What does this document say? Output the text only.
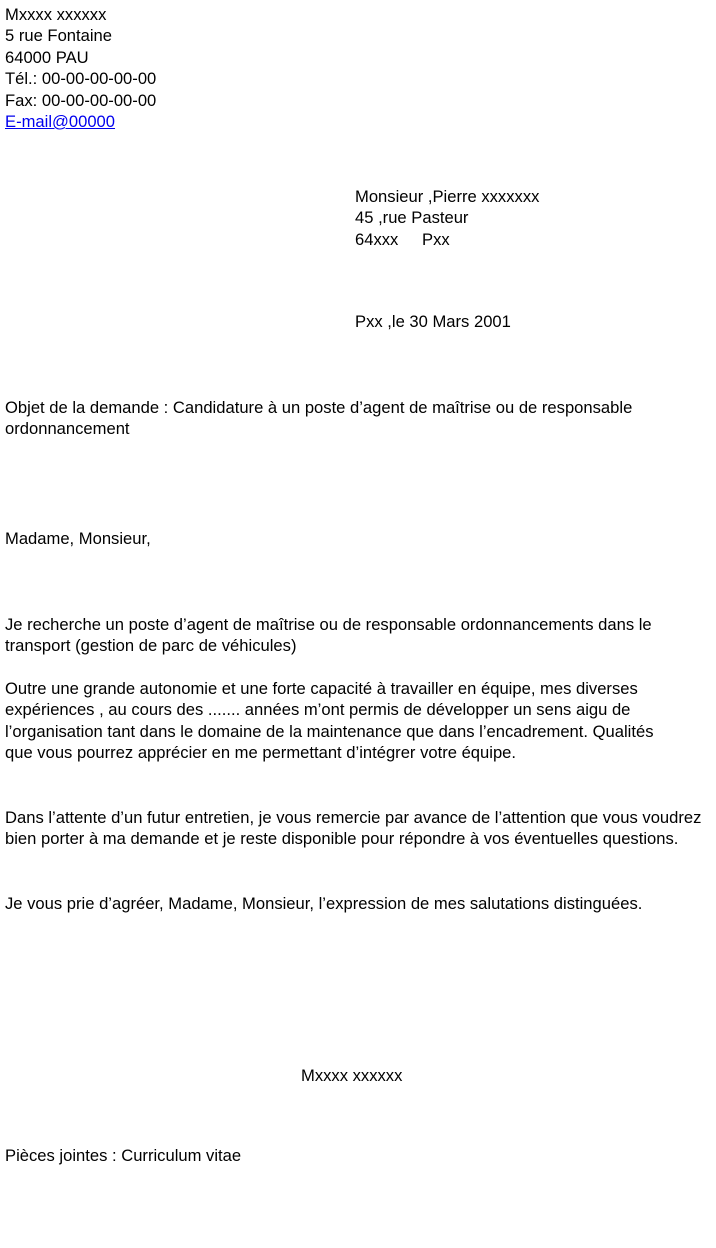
Mxxxx xxxxxx
5 rue Fontaine
64000 PAU
Tél.: 00-00-00-00-00
Fax: 00-00-00-00-00
E-mail@00000
Monsieur ,Pierre xxxxxxx
45 ,rue Pasteur
64xxx Pxx
Pxx ,le 30 Mars 2001
Objet de la demande : Candidature à un poste d’agent de maîtrise ou de responsable ordonnancement
Madame, Monsieur,
Je recherche un poste d’agent de maîtrise ou de responsable ordonnancements dans le transport (gestion de parc de véhicules)
Outre une grande autonomie et une forte capacité à travailler en équipe, mes diverses expériences , au cours des ....... années m’ont permis de développer un sens aigu de l’organisation tant dans le domaine de la maintenance que dans l’encadrement. Qualités que vous pourrez apprécier en me permettant d’intégrer votre équipe.
Dans l’attente d’un futur entretien, je vous remercie par avance de l’attention que vous voudrez bien porter à ma demande et je reste disponible pour répondre à vos éventuelles questions.
Je vous prie d’agréer, Madame, Monsieur, l’expression de mes salutations distinguées.
Mxxxx xxxxxx
Pièces jointes : Curriculum vitae
